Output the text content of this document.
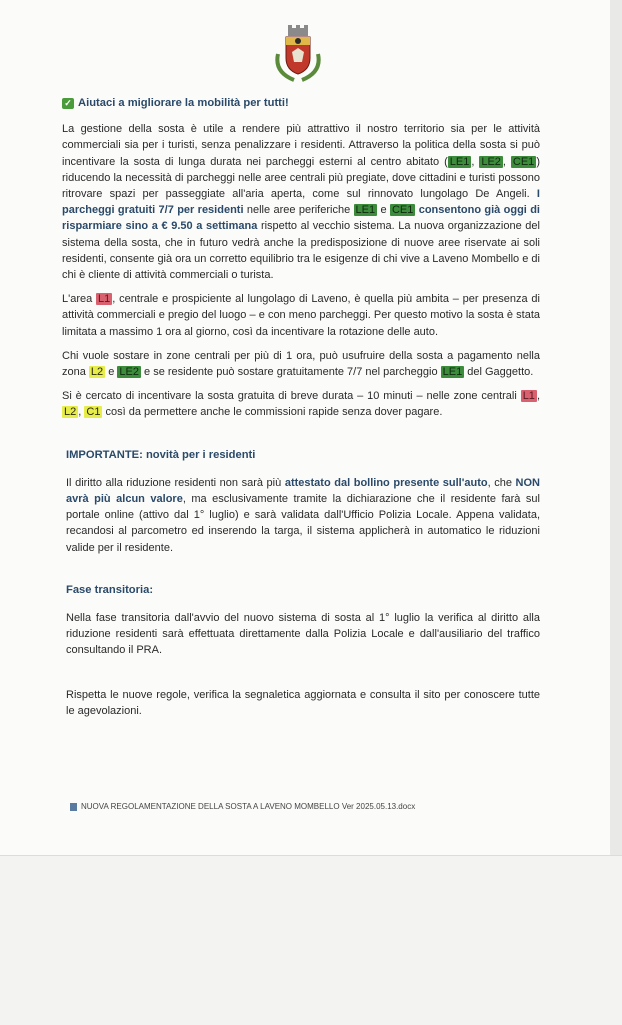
✓ Aiutaci a migliorare la mobilità per tutti!

La gestione della sosta è utile a rendere più attrattivo il nostro territorio sia per le attività commerciali sia per i turisti, senza penalizzare i residenti. Attraverso la politica della sosta si può incentivare la sosta di lunga durata nei parcheggi esterni al centro abitato ( LE1 , LE2 , CE1 ) riducendo la necessità di parcheggi nelle aree centrali più pregiate, dove cittadini e turisti possono ritrovare spazi per passeggiate all'aria aperta, come sul rinnovato lungolago De Angeli. I parcheggi gratuiti 7/7 per residenti nelle aree periferiche LE1 e CE1 consentono già oggi di risparmiare sino a € 9.50 a settimana rispetto al vecchio sistema. La nuova organizzazione del sistema della sosta, che in futuro vedrà anche la predisposizione di nuove aree riservate ai soli residenti, consente già ora un corretto equilibrio tra le esigenze di chi vive a Laveno Mombello e di chi è cliente di attività commerciali o turista.

L'area L1 , centrale e prospiciente al lungolago di Laveno, è quella più ambita – per presenza di attività commerciali e pregio del luogo – e con meno parcheggi. Per questo motivo la sosta è stata limitata a massimo 1 ora al giorno, così da incentivare la rotazione delle auto.

Chi vuole sostare in zone centrali per più di 1 ora, può usufruire della sosta a pagamento nella zona L2 e LE2 e se residente può sostare gratuitamente 7/7 nel parcheggio LE1 del Gaggetto.

Si è cercato di incentivare la sosta gratuita di breve durata – 10 minuti – nelle zone centrali L1 , L2 , C1 così da permettere anche le commissioni rapide senza dover pagare.

IMPORTANTE: novità per i residenti

Il diritto alla riduzione residenti non sarà più attestato dal bollino presente sull'auto, che NON avrà più alcun valore, ma esclusivamente tramite la dichiarazione che il residente farà sul portale online (attivo dal 1° luglio) e sarà validata dall'Ufficio Polizia Locale. Appena validata, recandosi al parcometro ed inserendo la targa, il sistema applicherà in automatico le riduzioni valide per il residente.

Fase transitoria:

Nella fase transitoria dall'avvio del nuovo sistema di sosta al 1° luglio la verifica al diritto alla riduzione residenti sarà effettuata direttamente dalla Polizia Locale e dall'ausiliario del traffico consultando il PRA.

Rispetta le nuove regole, verifica la segnaletica aggiornata e consulta il sito per conoscere tutte le agevolazioni.

NUOVA REGOLAMENTAZIONE DELLA SOSTA A LAVENO MOMBELLO Ver 2025.05.13.docx
